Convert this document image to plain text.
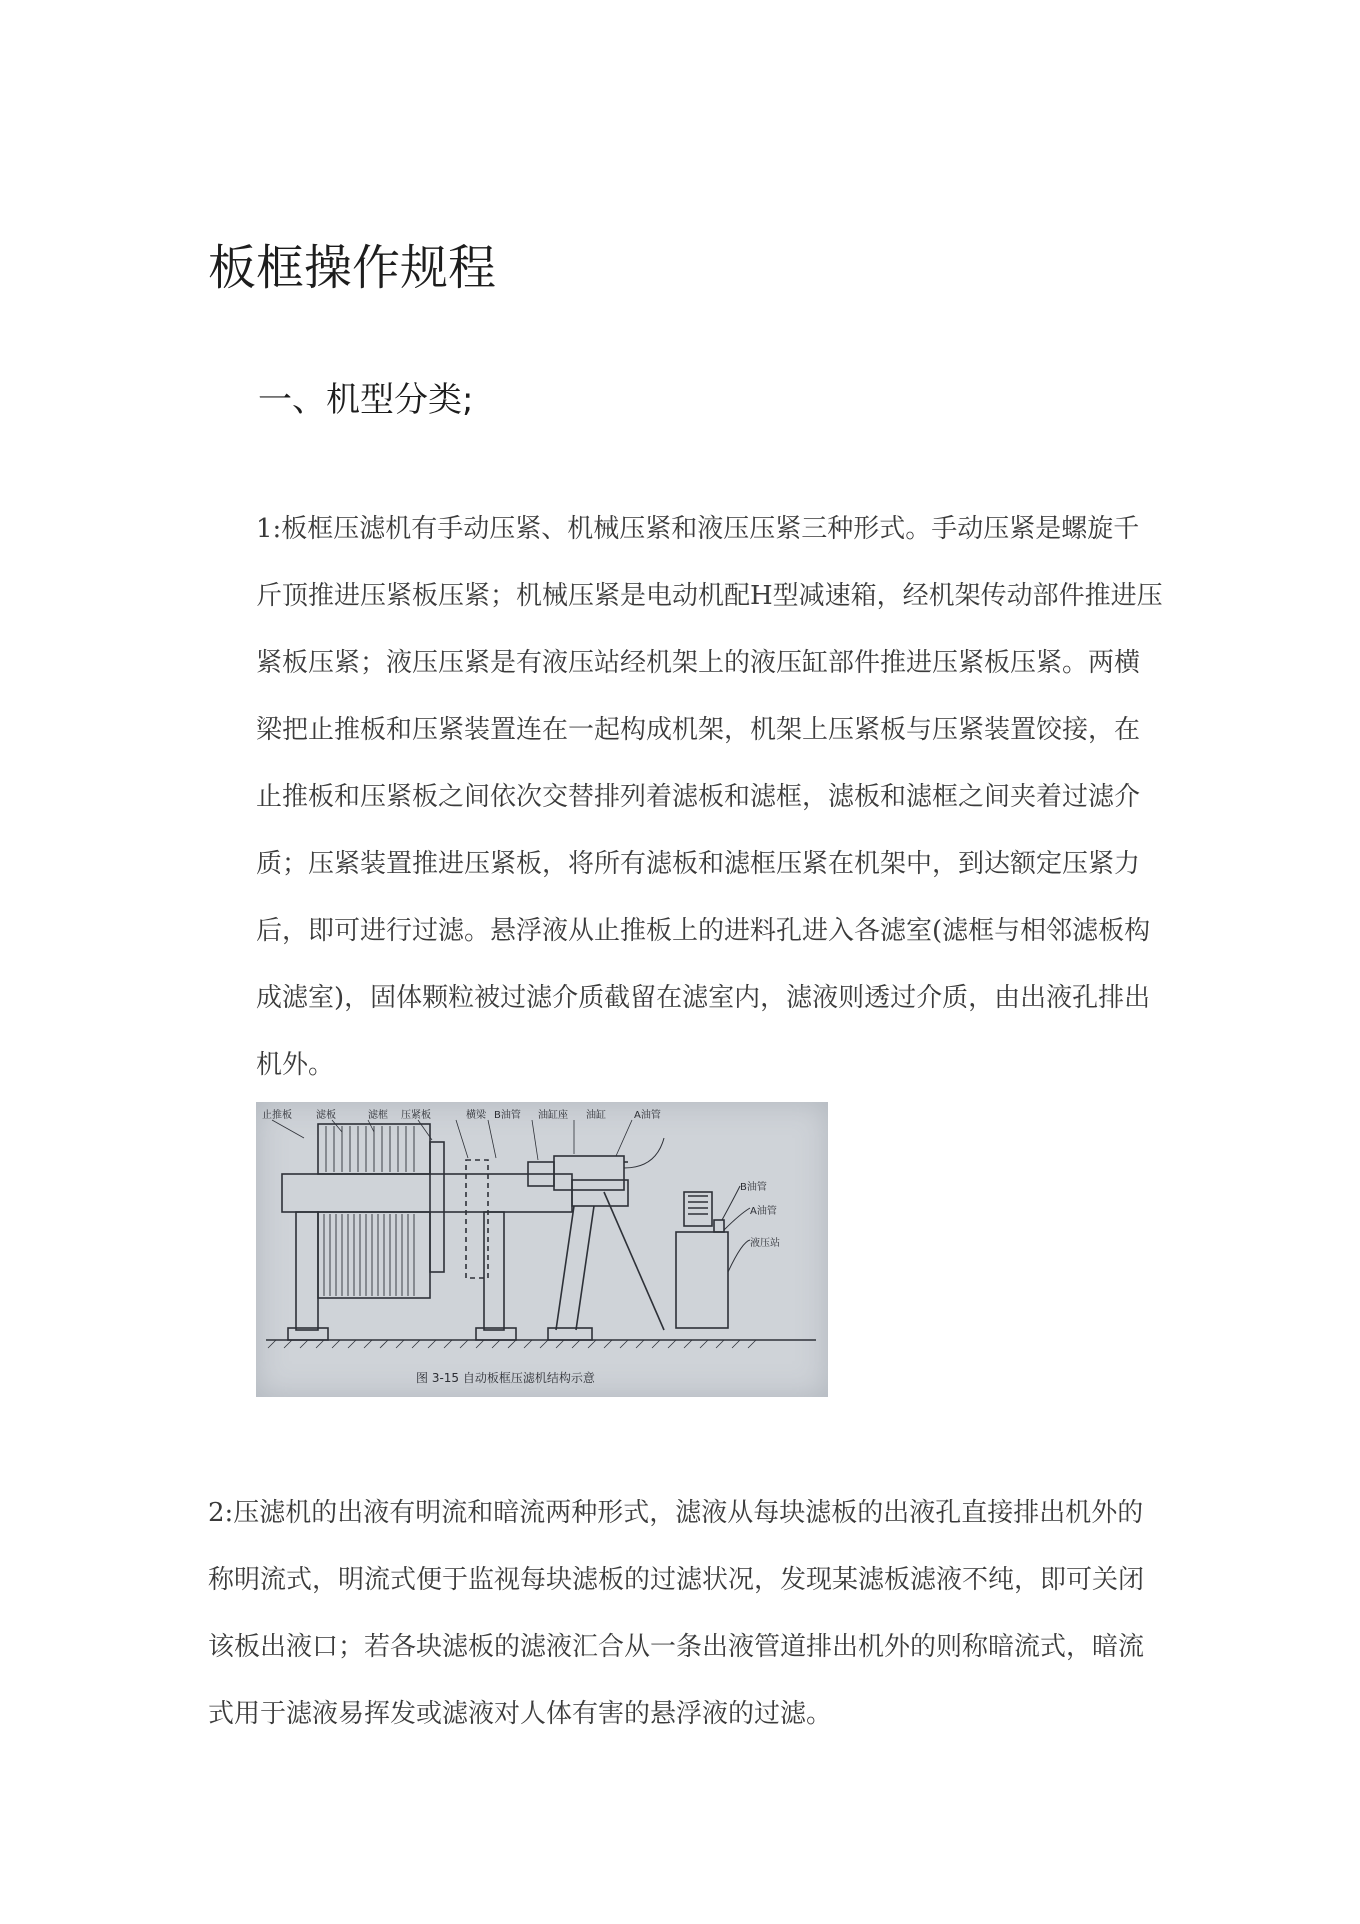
板框操作规程
一、机型分类;
1:板框压滤机有手动压紧、机械压紧和液压压紧三种形式。手动压紧是螺旋千斤顶推进压紧板压紧；机械压紧是电动机配H型减速箱，经机架传动部件推进压紧板压紧；液压压紧是有液压站经机架上的液压缸部件推进压紧板压紧。两横梁把止推板和压紧装置连在一起构成机架，机架上压紧板与压紧装置饺接，在止推板和压紧板之间依次交替排列着滤板和滤框，滤板和滤框之间夹着过滤介质；压紧装置推进压紧板，将所有滤板和滤框压紧在机架中，到达额定压紧力后，即可进行过滤。悬浮液从止推板上的进料孔进入各滤室(滤框与相邻滤板构成滤室)，固体颗粒被过滤介质截留在滤室内，滤液则透过介质，由出液孔排出机外。
止推板 滤板	滤框 压紧板	横梁 B油管 油缸座 油缸	A油管
B油管
A油管
液压站
图 3-15 自动板框压滤机结构示意
2:压滤机的出液有明流和暗流两种形式，滤液从每块滤板的出液孔直接排出机外的称明流式，明流式便于监视每块滤板的过滤状况，发现某滤板滤液不纯，即可关闭该板出液口；若各块滤板的滤液汇合从一条出液管道排出机外的则称暗流式，暗流式用于滤液易挥发或滤液对人体有害的悬浮液的过滤。
